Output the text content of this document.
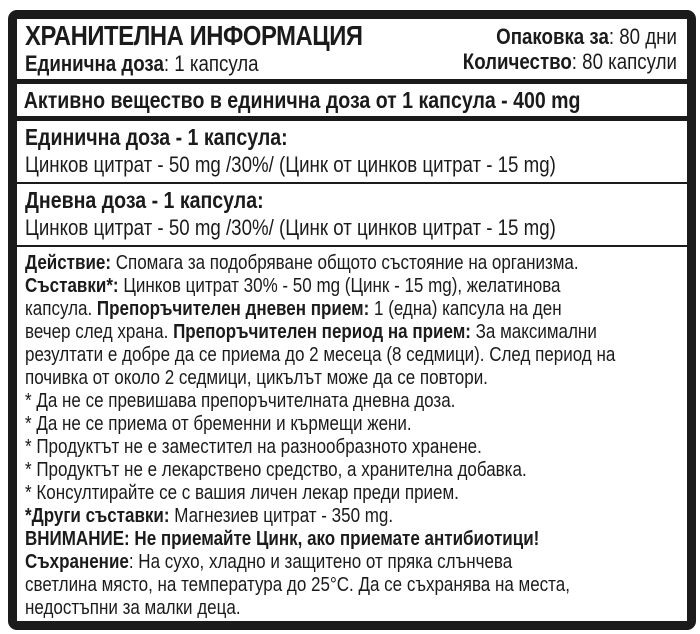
ХРАНИТЕЛНА ИНФОРМАЦИЯ
Единична доза: 1 капсула
Опаковка за: 80 дни
Количество: 80 капсули
Активно вещество в единична доза от 1 капсула - 400 mg
Единична доза - 1 капсула:
Цинков цитрат - 50 mg /30%/ (Цинк от цинков цитрат - 15 mg)
Дневна доза - 1 капсула:
Цинков цитрат - 50 mg /30%/ (Цинк от цинков цитрат - 15 mg)
Действие: Спомага за подобряване общото състояние на организма.
Съставки*: Цинков цитрат 30% - 50 mg (Цинк - 15 mg), желатинова
капсула. Препоръчителен дневен прием: 1 (една) капсула на ден
вечер след храна. Препоръчителен период на прием: За максимални
резултати е добре да се приема до 2 месеца (8 седмици). След период на
почивка от около 2 седмици, цикълът може да се повтори.
* Да не се превишава препоръчителната дневна доза.
* Да не се приема от бременни и кърмещи жени.
* Продуктът не е заместител на разнообразното хранене.
* Продуктът не е лекарствено средство, а хранителна добавка.
* Консултирайте се с вашия личен лекар преди прием.
*Други съставки: Магнезиев цитрат - 350 mg.
ВНИМАНИЕ: Не приемайте Цинк, ако приемате антибиотици!
Съхранение: На сухо, хладно и защитено от пряка слънчева
светлина място, на температура до 25°C. Да се съхранява на места,
недостъпни за малки деца.
